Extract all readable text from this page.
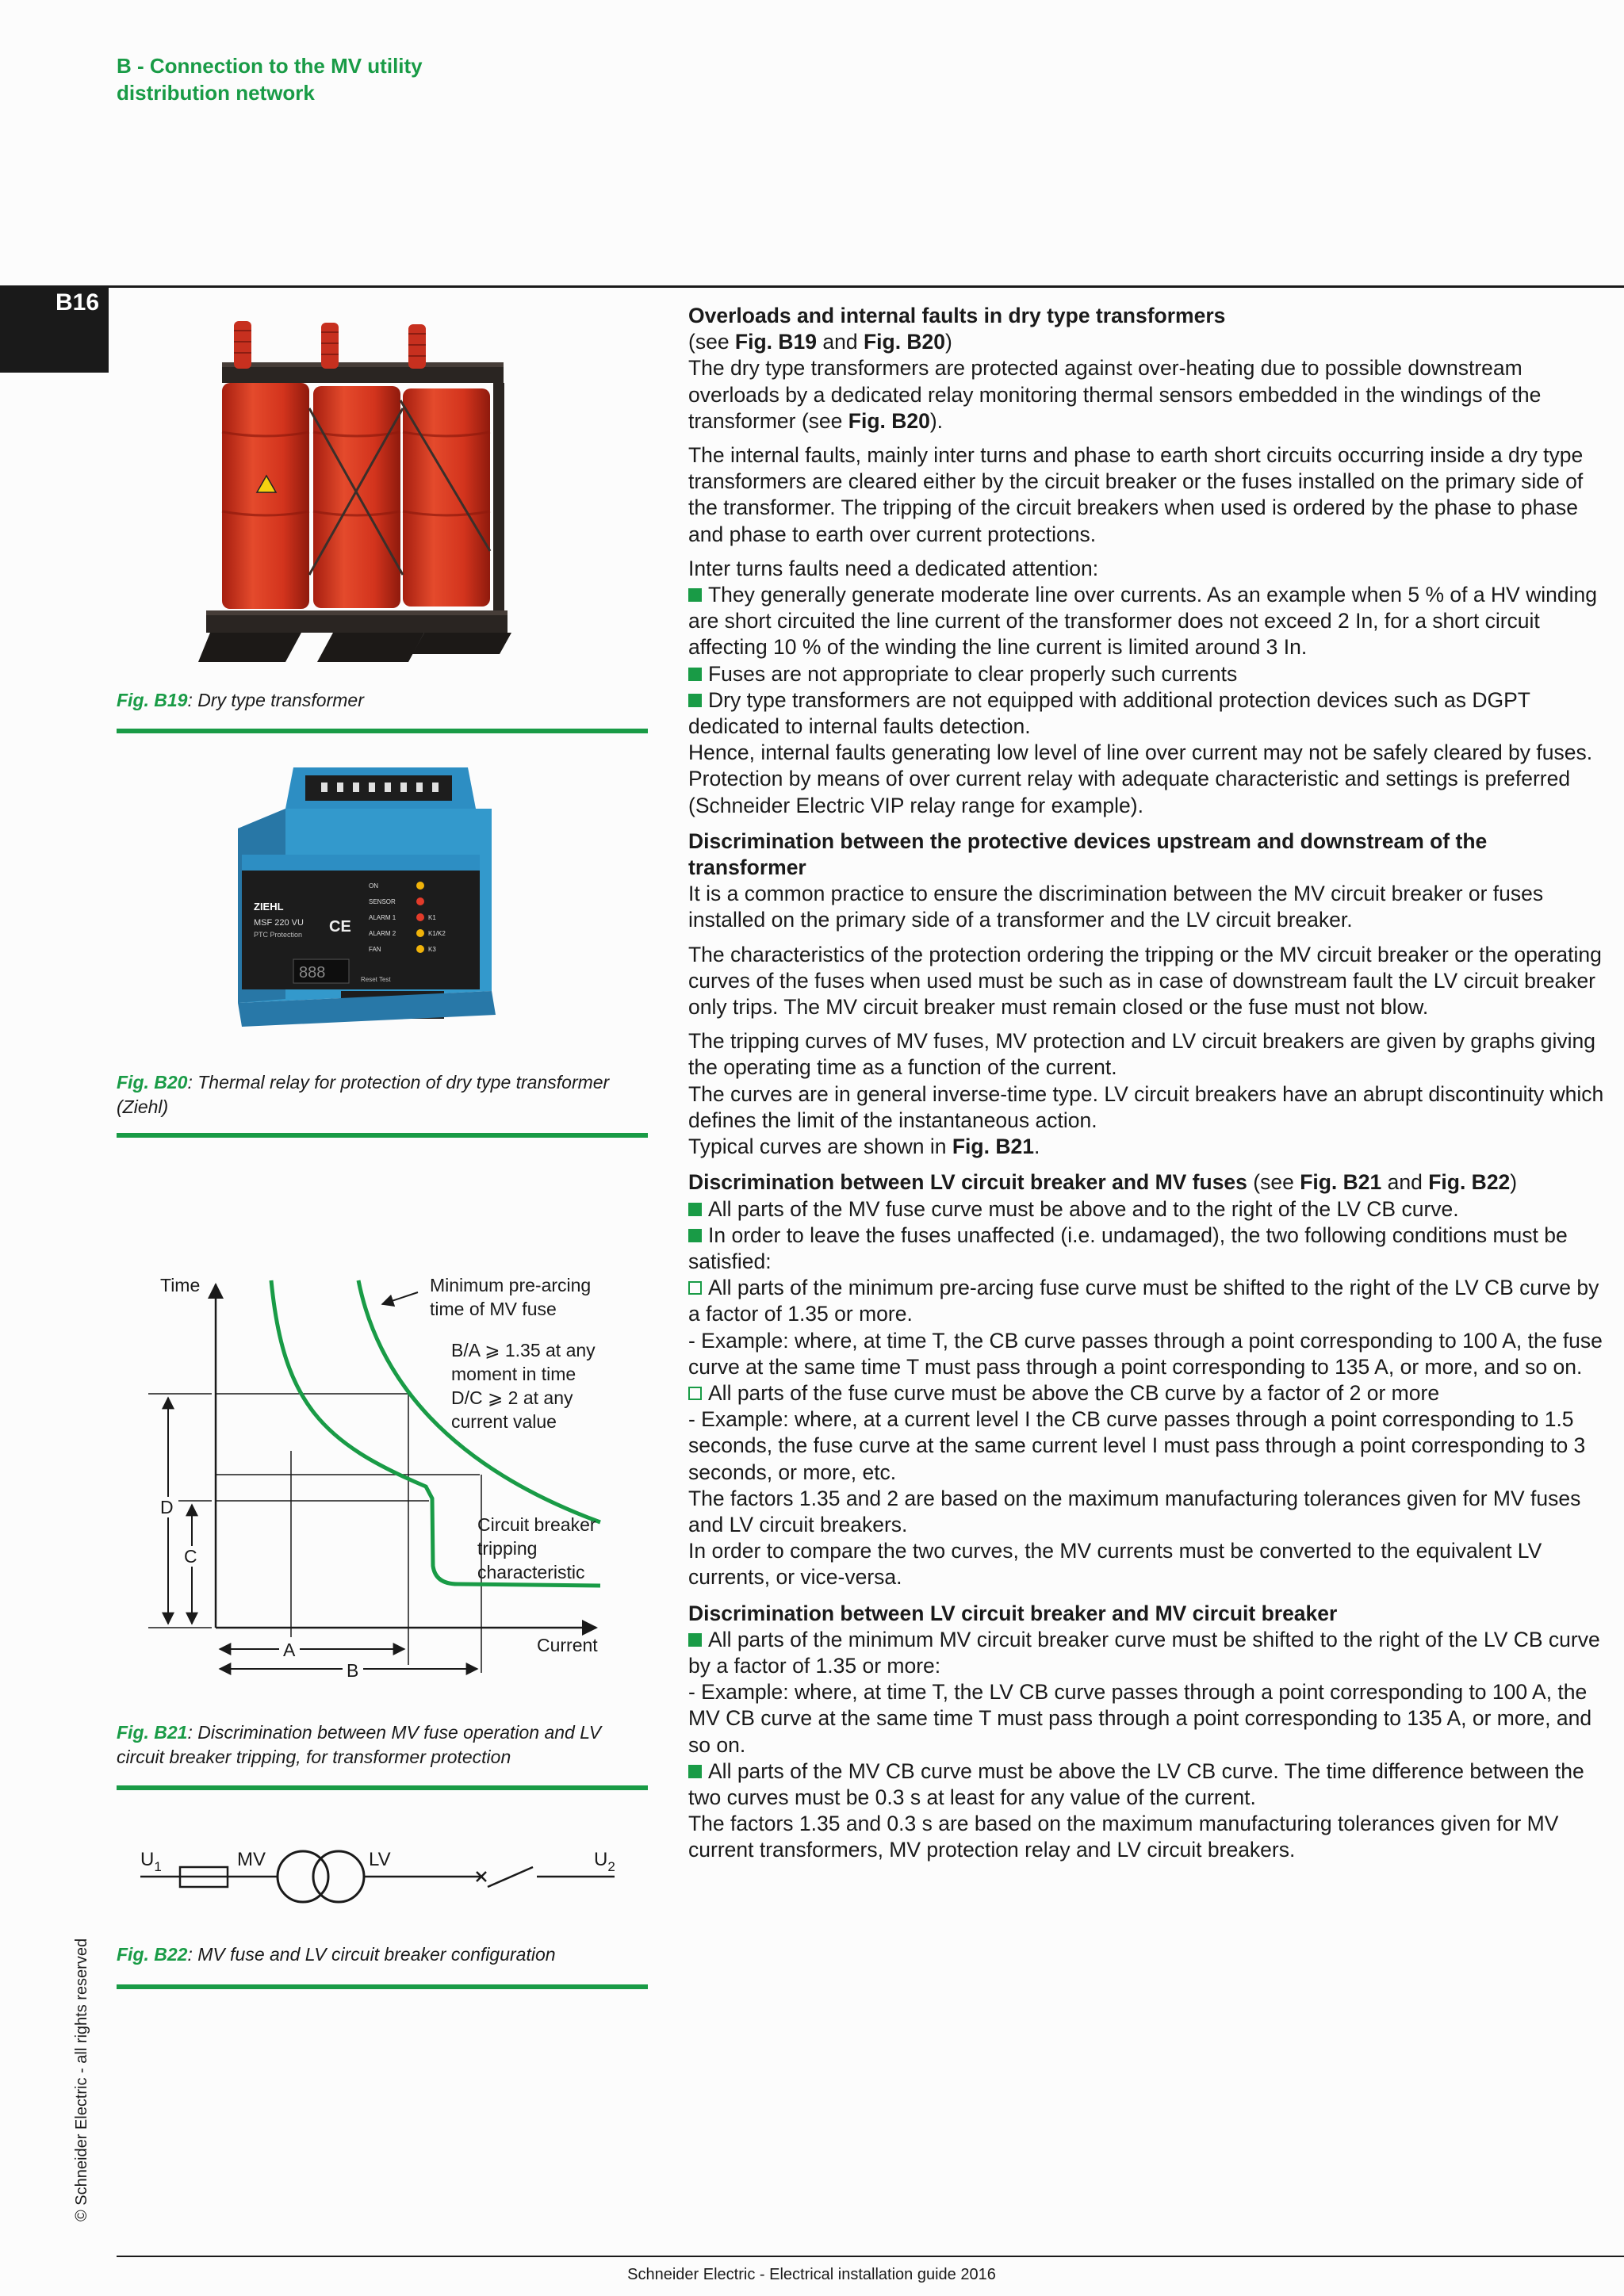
B - Connection to the MV utility
distribution network
B16
© Schneider Electric - all rights reserved
Fig. B19: Dry type transformer
ZIEHL
MSF 220 VU
PTC Protection CE
ON
SENSOR
ALARM 1
ALARM 2
FAN
K1
K1/K2
K3
888	Reset Test
Fig. B20: Thermal relay for protection of dry type transformer (Ziehl)
Time
Current
D
C
A
B
Minimum pre-arcing
time of MV fuse
B/A ⩾ 1.35 at any
moment in time
D/C ⩾ 2 at any
current value
Circuit breaker
tripping
characteristic
Fig. B21: Discrimination between MV fuse operation and LV circuit breaker tripping, for transformer protection
$U_1$	MV	LV	$U_2$
Fig. B22: MV fuse and LV circuit breaker configuration
Overloads and internal faults in dry type transformers

(see Fig. B19 and Fig. B20)

The dry type transformers are protected against over-heating due to possible downstream overloads by a dedicated relay monitoring thermal sensors embedded in the windings of the transformer (see Fig. B20).

The internal faults, mainly inter turns and phase to earth short circuits occurring inside a dry type transformers are cleared either by the circuit breaker or the fuses installed on the primary side of the transformer. The tripping of the circuit breakers when used is ordered by the phase to phase and phase to earth over current protections.

Inter turns faults need a dedicated attention:

They generally generate moderate line over currents. As an example when 5 % of a HV winding are short circuited the line current of the transformer does not exceed 2 In, for a short circuit affecting 10 % of the winding the line current is limited around 3 In.

Fuses are not appropriate to clear properly such currents

Dry type transformers are not equipped with additional protection devices such as DGPT dedicated to internal faults detection.

Hence, internal faults generating low level of line over current may not be safely cleared by fuses. Protection by means of over current relay with adequate characteristic and settings is preferred (Schneider Electric VIP relay range for example).

Discrimination between the protective devices upstream and downstream of the transformer

It is a common practice to ensure the discrimination between the MV circuit breaker or fuses installed on the primary side of a transformer and the LV circuit breaker.

The characteristics of the protection ordering the tripping or the MV circuit breaker or the operating curves of the fuses when used must be such as in case of downstream fault the LV circuit breaker only trips. The MV circuit breaker must remain closed or the fuse must not blow.

The tripping curves of MV fuses, MV protection and LV circuit breakers are given by graphs giving the operating time as a function of the current.

The curves are in general inverse-time type. LV circuit breakers have an abrupt discontinuity which defines the limit of the instantaneous action.

Typical curves are shown in Fig. B21.

Discrimination between LV circuit breaker and MV fuses (see Fig. B21 and Fig. B22)

All parts of the MV fuse curve must be above and to the right of the LV CB curve.

In order to leave the fuses unaffected (i.e. undamaged), the two following conditions must be satisfied:

All parts of the minimum pre-arcing fuse curve must be shifted to the right of the LV CB curve by a factor of 1.35 or more.

- Example: where, at time T, the CB curve passes through a point corresponding to 100 A, the fuse curve at the same time T must pass through a point corresponding to 135 A, or more, and so on.

All parts of the fuse curve must be above the CB curve by a factor of 2 or more

- Example: where, at a current level I the CB curve passes through a point corresponding to 1.5 seconds, the fuse curve at the same current level I must pass through a point corresponding to 3 seconds, or more, etc.

The factors 1.35 and 2 are based on the maximum manufacturing tolerances given for MV fuses and LV circuit breakers.

In order to compare the two curves, the MV currents must be converted to the equivalent LV currents, or vice-versa.

Discrimination between LV circuit breaker and MV circuit breaker

All parts of the minimum MV circuit breaker curve must be shifted to the right of the LV CB curve by a factor of 1.35 or more:

- Example: where, at time T, the LV CB curve passes through a point corresponding to 100 A, the MV CB curve at the same time T must pass through a point corresponding to 135 A, or more, and so on.

All parts of the MV CB curve must be above the LV CB curve. The time difference between the two curves must be 0.3 s at least for any value of the current.

The factors 1.35 and 0.3 s are based on the maximum manufacturing tolerances given for MV current transformers, MV protection relay and LV circuit breakers.

Schneider Electric - Electrical installation guide 2016
